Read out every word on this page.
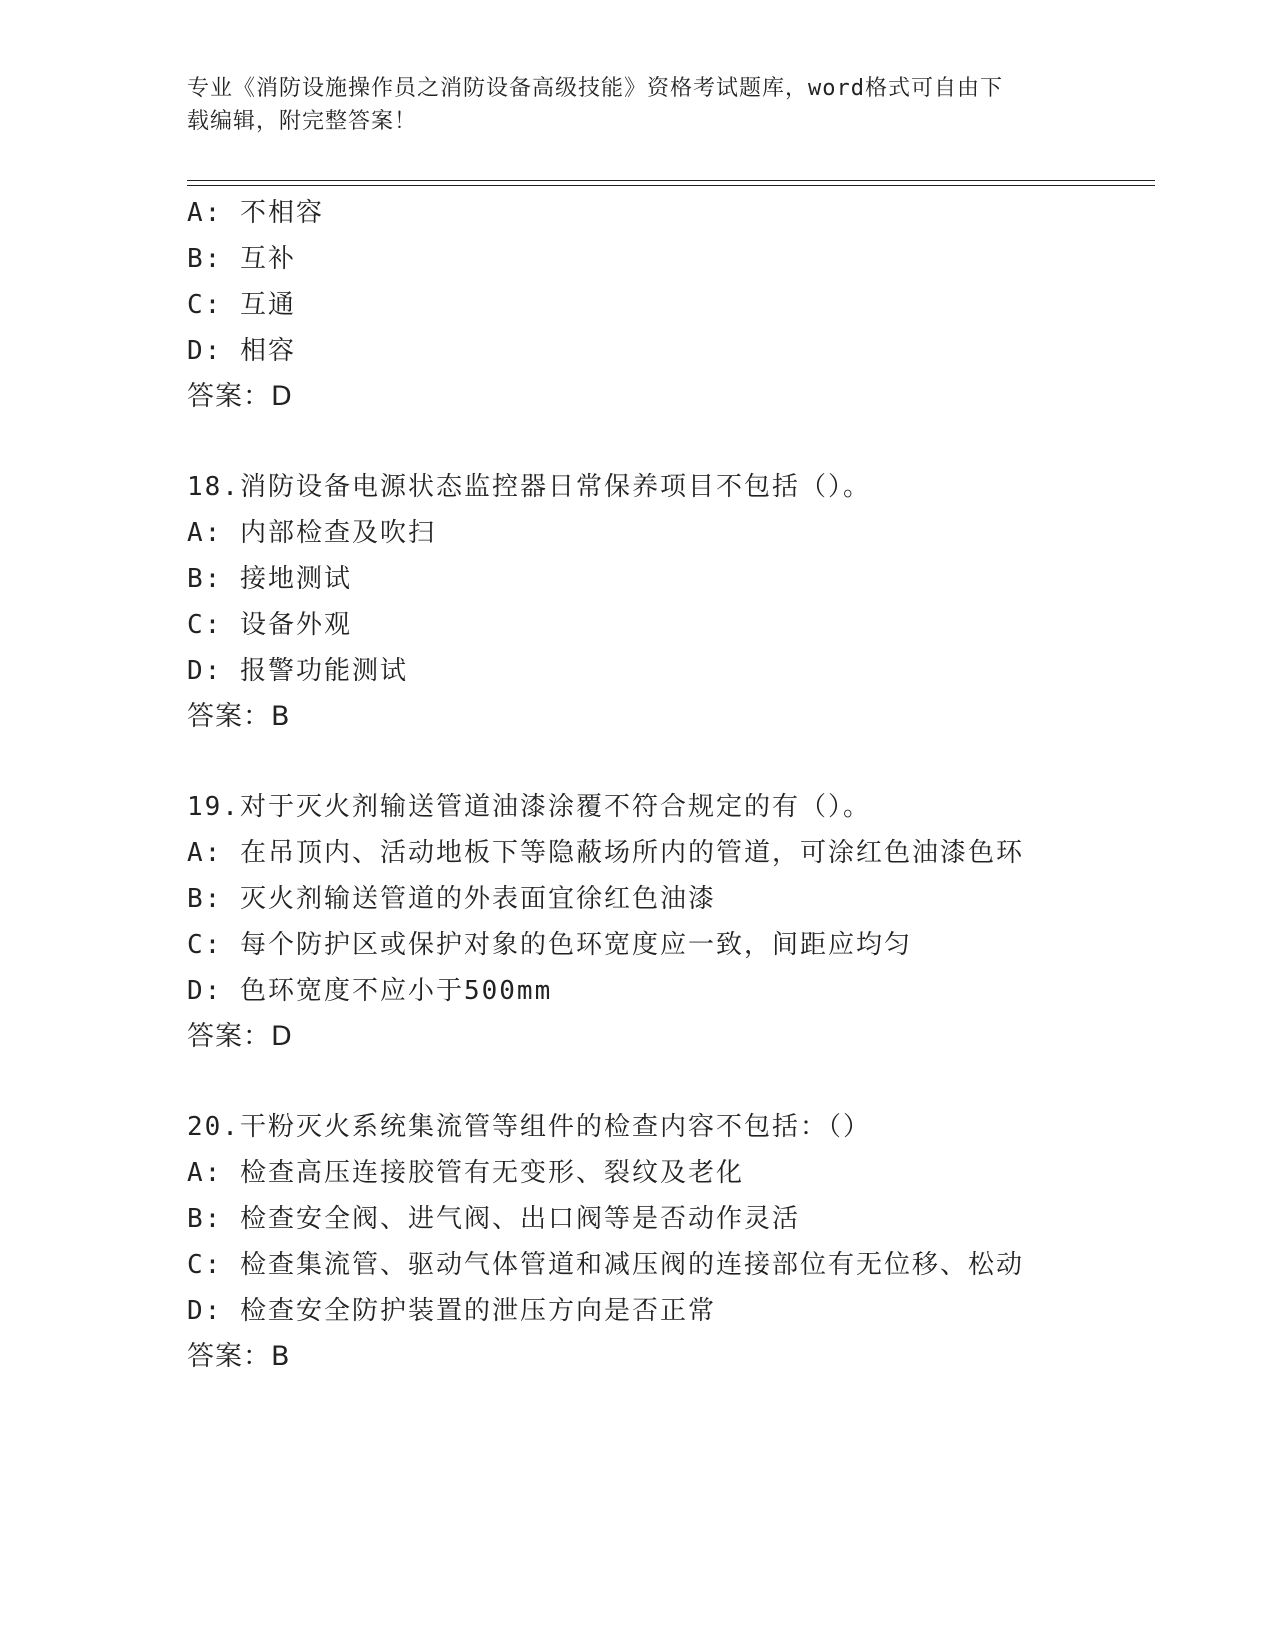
专业《消防设施操作员之消防设备高级技能》资格考试题库，word格式可自由下
载编辑，附完整答案！
A: 不相容
B: 互补
C: 互通
D: 相容
答案：D
18.消防设备电源状态监控器日常保养项目不包括（）。
A: 内部检查及吹扫
B: 接地测试
C: 设备外观
D: 报警功能测试
答案：B
19.对于灭火剂输送管道油漆涂覆不符合规定的有（）。
A: 在吊顶内、活动地板下等隐蔽场所内的管道，可涂红色油漆色环
B: 灭火剂输送管道的外表面宜徐红色油漆
C: 每个防护区或保护对象的色环宽度应一致，间距应均匀
D: 色环宽度不应小于500mm
答案：D
20.干粉灭火系统集流管等组件的检查内容不包括：（）
A: 检查高压连接胶管有无变形、裂纹及老化
B: 检查安全阀、进气阀、出口阀等是否动作灵活
C: 检查集流管、驱动气体管道和减压阀的连接部位有无位移、松动
D: 检查安全防护装置的泄压方向是否正常
答案：B
